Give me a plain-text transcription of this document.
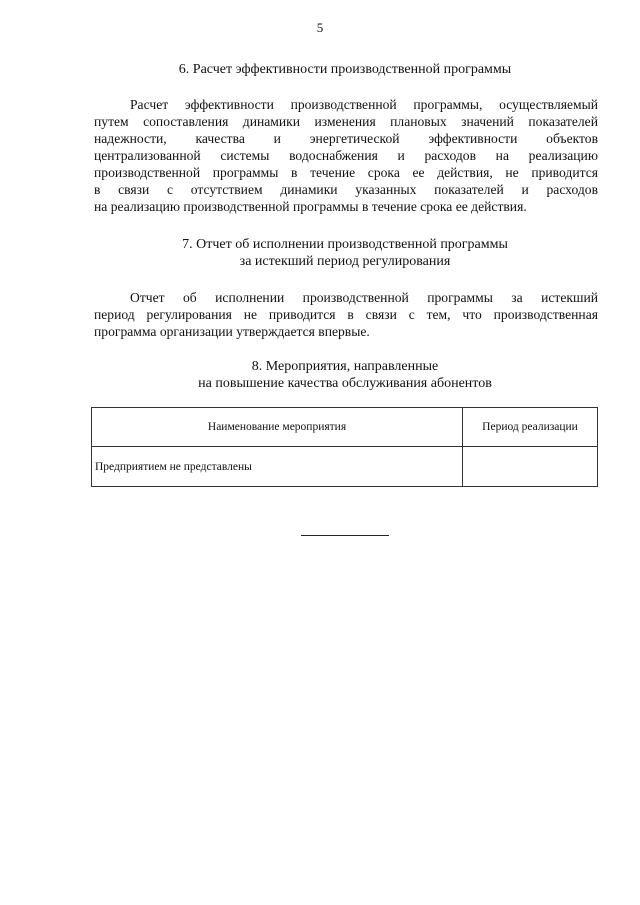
5
6. Расчет эффективности производственной программы
Расчет эффективности производственной программы, осуществляемый
путем сопоставления динамики изменения плановых значений показателей
надежности, качества и энергетической эффективности объектов
централизованной системы водоснабжения и расходов на реализацию
производственной программы в течение срока ее действия, не приводится
в связи с отсутствием динамики указанных показателей и расходов
на реализацию производственной программы в течение срока ее действия.
7. Отчет об исполнении производственной программы
за истекший период регулирования
Отчет об исполнении производственной программы за истекший
период регулирования не приводится в связи с тем, что производственная
программа организации утверждается впервые.
8. Мероприятия, направленные
на повышение качества обслуживания абонентов
Наименование мероприятия	Период реализации
Предприятием не представлены	
